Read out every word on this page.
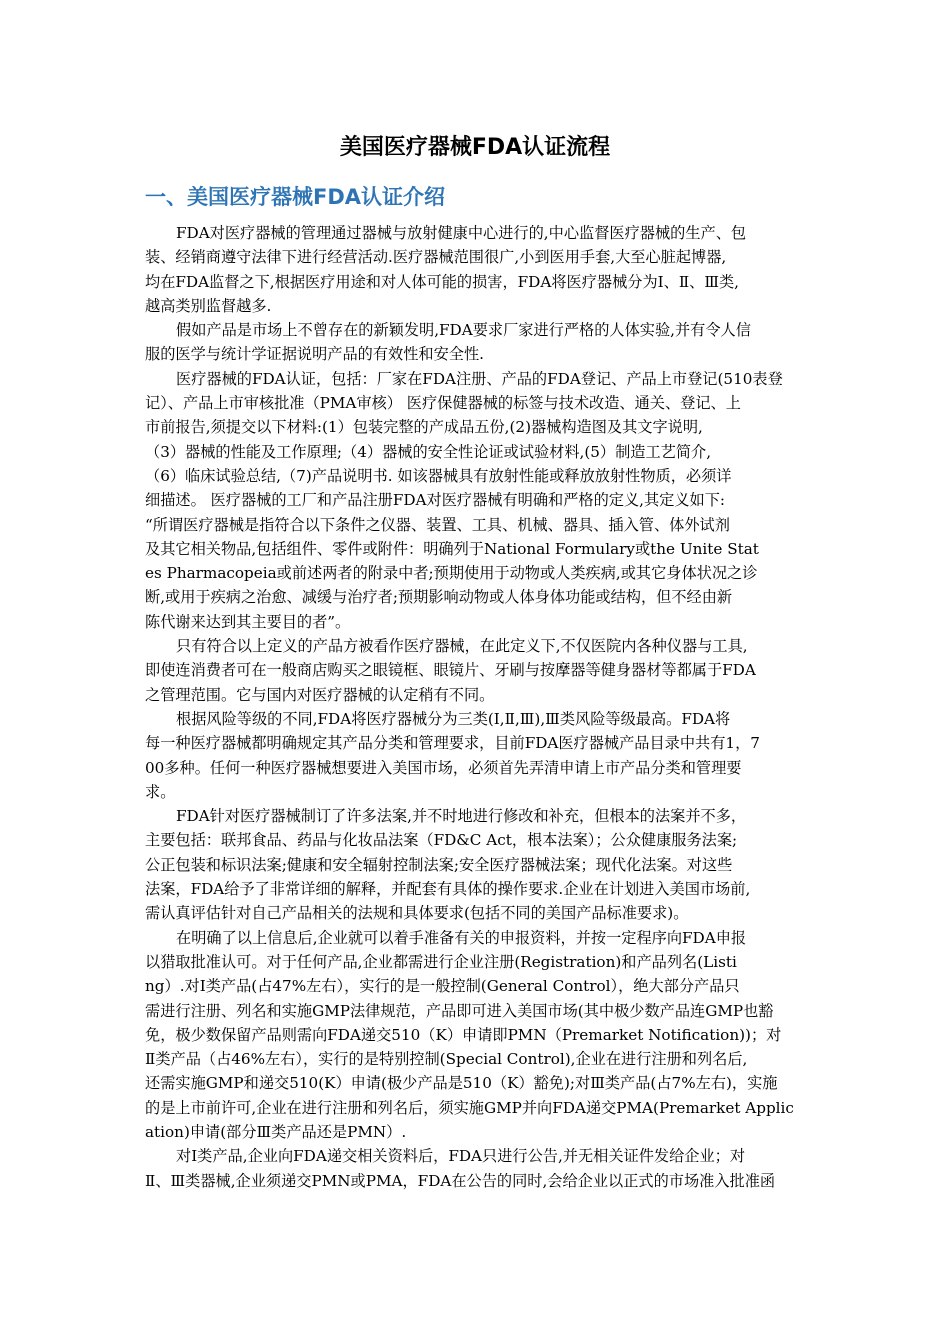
美国医疗器械FDA认证流程
一、美国医疗器械FDA认证介绍
FDA对医疗器械的管理通过器械与放射健康中心进行的,中心监督医疗器械的生产、包
装、经销商遵守法律下进行经营活动.医疗器械范围很广,小到医用手套,大至心脏起博器,
均在FDA监督之下,根据医疗用途和对人体可能的损害，FDA将医疗器械分为Ⅰ、Ⅱ、Ⅲ类,
越高类别监督越多.
假如产品是市场上不曾存在的新颖发明,FDA要求厂家进行严格的人体实验,并有令人信
服的医学与统计学证据说明产品的有效性和安全性.
医疗器械的FDA认证，包括：厂家在FDA注册、产品的FDA登记、产品上市登记(510表登
记）、产品上市审核批准（PMA审核） 医疗保健器械的标签与技术改造、通关、登记、上
市前报告,须提交以下材料:(1）包装完整的产成品五份,(2)器械构造图及其文字说明,
（3）器械的性能及工作原理;（4）器械的安全性论证或试验材料,(5）制造工艺简介,
（6）临床试验总结,（7)产品说明书. 如该器械具有放射性能或释放放射性物质，必须详
细描述。 医疗器械的工厂和产品注册FDA对医疗器械有明确和严格的定义,其定义如下:
“所谓医疗器械是指符合以下条件之仪器、装置、工具、机械、器具、插入管、体外试剂
及其它相关物品,包括组件、零件或附件：明确列于National Formulary或the Unite Stat
es Pharmacopeia或前述两者的附录中者;预期使用于动物或人类疾病,或其它身体状况之诊
断,或用于疾病之治愈、减缓与治疗者;预期影响动物或人体身体功能或结构，但不经由新
陈代谢来达到其主要目的者”。
只有符合以上定义的产品方被看作医疗器械，在此定义下,不仅医院内各种仪器与工具,
即使连消费者可在一般商店购买之眼镜框、眼镜片、牙刷与按摩器等健身器材等都属于FDA
之管理范围。它与国内对医疗器械的认定稍有不同。
根据风险等级的不同,FDA将医疗器械分为三类(Ⅰ,Ⅱ,Ⅲ),Ⅲ类风险等级最高。FDA将
每一种医疗器械都明确规定其产品分类和管理要求，目前FDA医疗器械产品目录中共有1，7
00多种。任何一种医疗器械想要进入美国市场，必须首先弄清申请上市产品分类和管理要
求。
FDA针对医疗器械制订了许多法案,并不时地进行修改和补充，但根本的法案并不多，
主要包括：联邦食品、药品与化妆品法案（FD&C Act，根本法案）；公众健康服务法案;
公正包装和标识法案;健康和安全辐射控制法案;安全医疗器械法案；现代化法案。对这些
法案，FDA给予了非常详细的解释，并配套有具体的操作要求.企业在计划进入美国市场前,
需认真评估针对自己产品相关的法规和具体要求(包括不同的美国产品标准要求)。
在明确了以上信息后,企业就可以着手准备有关的申报资料，并按一定程序向FDA申报
以猎取批准认可。对于任何产品,企业都需进行企业注册(Registration)和产品列名(Listi
ng）.对Ⅰ类产品(占47%左右），实行的是一般控制(General Control），绝大部分产品只
需进行注册、列名和实施GMP法律规范，产品即可进入美国市场(其中极少数产品连GMP也豁
免，极少数保留产品则需向FDA递交510（K）申请即PMN（Premarket Notification))；对
Ⅱ类产品（占46%左右），实行的是特别控制(Special Control),企业在进行注册和列名后,
还需实施GMP和递交510(K）申请(极少产品是510（K）豁免);对Ⅲ类产品(占7%左右)，实施
的是上市前许可,企业在进行注册和列名后，须实施GMP并向FDA递交PMA(Premarket Applic
ation)申请(部分Ⅲ类产品还是PMN）.
对Ⅰ类产品,企业向FDA递交相关资料后，FDA只进行公告,并无相关证件发给企业；对
Ⅱ、Ⅲ类器械,企业须递交PMN或PMA，FDA在公告的同时,会给企业以正式的市场准入批准函
